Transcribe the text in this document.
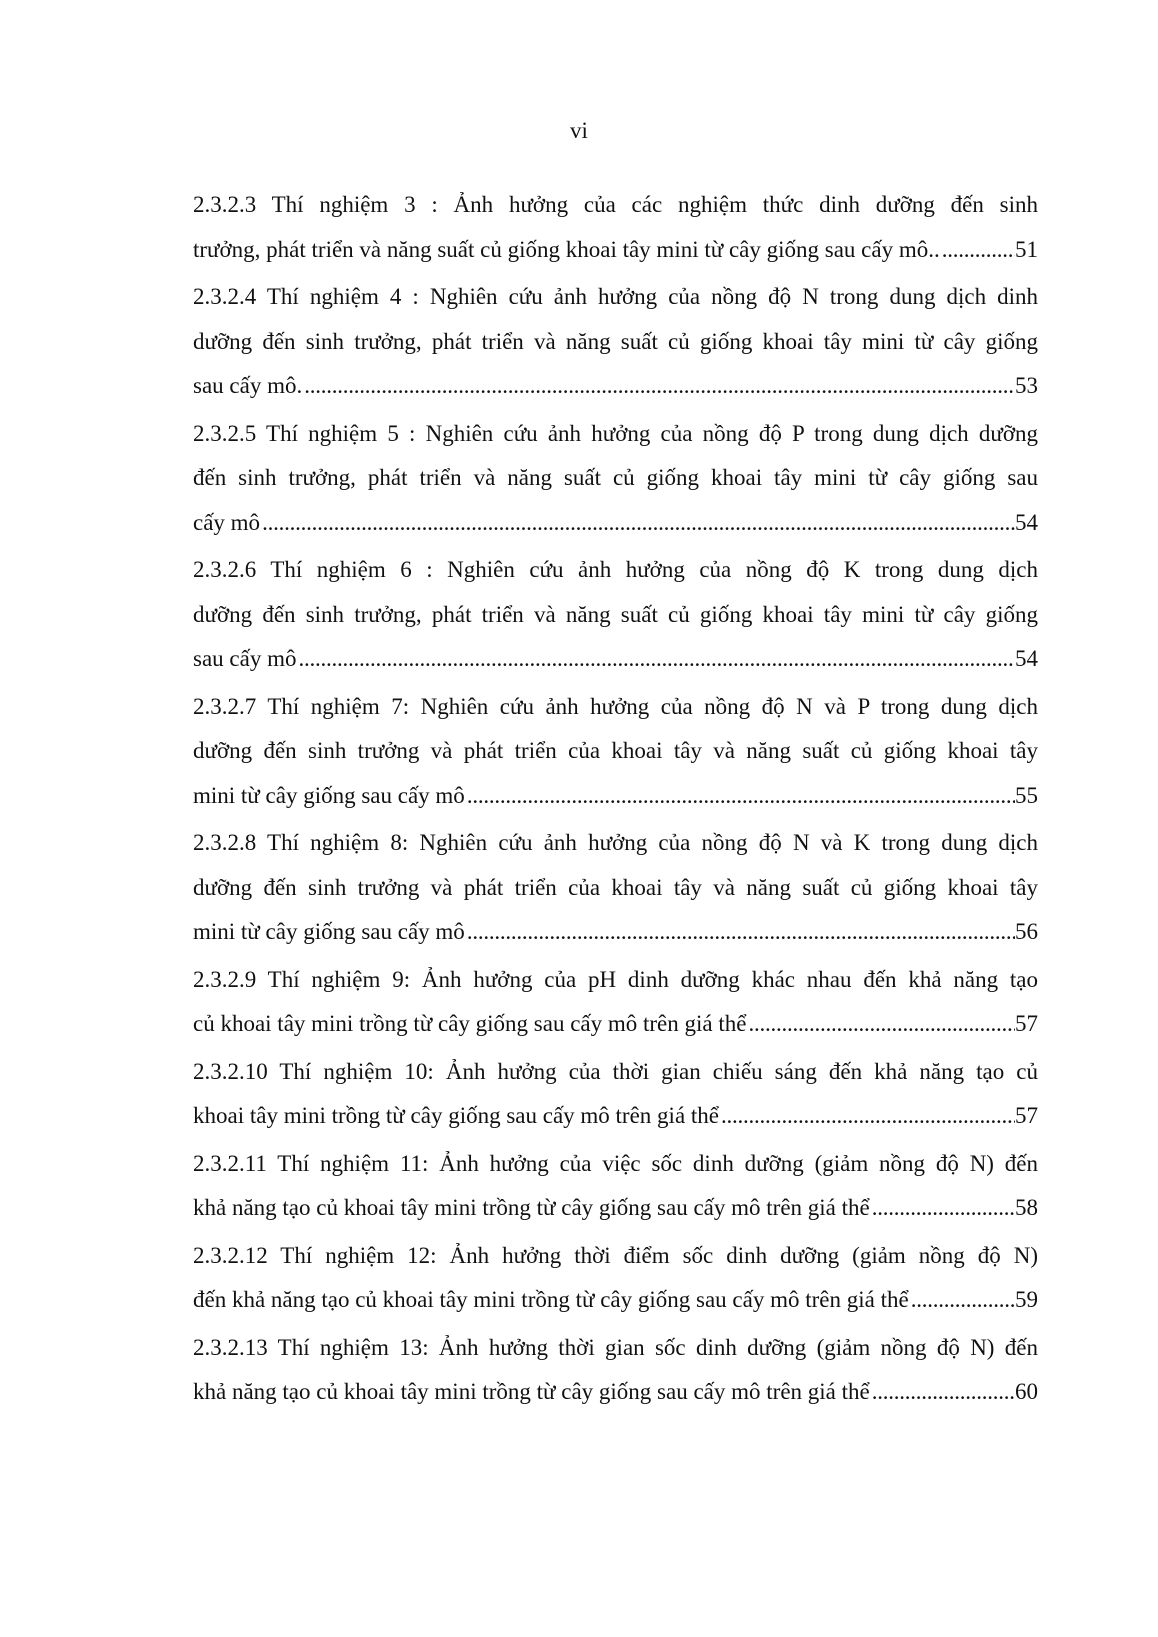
vi
2.3.2.3 Thí nghiệm 3 : Ảnh hưởng của các nghiệm thức dinh dưỡng đến sinh
trưởng, phát triển và năng suất củ giống khoai tây mini từ cây giống sau cấy mô.. . . .	51
2.3.2.4 Thí nghiệm 4 : Nghiên cứu ảnh hưởng của nồng độ N trong dung dịch dinh
dưỡng đến sinh trưởng, phát triển và năng suất củ giống khoai tây mini từ cây giống
sau cấy mô. . . .	53
2.3.2.5 Thí nghiệm 5 : Nghiên cứu ảnh hưởng của nồng độ P trong dung dịch dưỡng
đến sinh trưởng, phát triển và năng suất củ giống khoai tây mini từ cây giống sau
cấy mô . . .	54
2.3.2.6 Thí nghiệm 6 : Nghiên cứu ảnh hưởng của nồng độ K trong dung dịch
dưỡng đến sinh trưởng, phát triển và năng suất củ giống khoai tây mini từ cây giống
sau cấy mô . . .	54
2.3.2.7 Thí nghiệm 7: Nghiên cứu ảnh hưởng của nồng độ N và P trong dung dịch
dưỡng đến sinh trưởng và phát triển của khoai tây và năng suất củ giống khoai tây
mini từ cây giống sau cấy mô . . .	55
2.3.2.8 Thí nghiệm 8: Nghiên cứu ảnh hưởng của nồng độ N và K trong dung dịch
dưỡng đến sinh trưởng và phát triển của khoai tây và năng suất củ giống khoai tây
mini từ cây giống sau cấy mô . . .	56
2.3.2.9 Thí nghiệm 9: Ảnh hưởng của pH dinh dưỡng khác nhau đến khả năng tạo
củ khoai tây mini trồng từ cây giống sau cấy mô trên giá thể . . .	57
2.3.2.10 Thí nghiệm 10: Ảnh hưởng của thời gian chiếu sáng đến khả năng tạo củ
khoai tây mini trồng từ cây giống sau cấy mô trên giá thể . . .	57
2.3.2.11 Thí nghiệm 11: Ảnh hưởng của việc sốc dinh dưỡng (giảm nồng độ N) đến
khả năng tạo củ khoai tây mini trồng từ cây giống sau cấy mô trên giá thể . . .	58
2.3.2.12 Thí nghiệm 12: Ảnh hưởng thời điểm sốc dinh dưỡng (giảm nồng độ N)
đến khả năng tạo củ khoai tây mini trồng từ cây giống sau cấy mô trên giá thể . . .	59
2.3.2.13 Thí nghiệm 13: Ảnh hưởng thời gian sốc dinh dưỡng (giảm nồng độ N) đến
khả năng tạo củ khoai tây mini trồng từ cây giống sau cấy mô trên giá thể . . .	60
